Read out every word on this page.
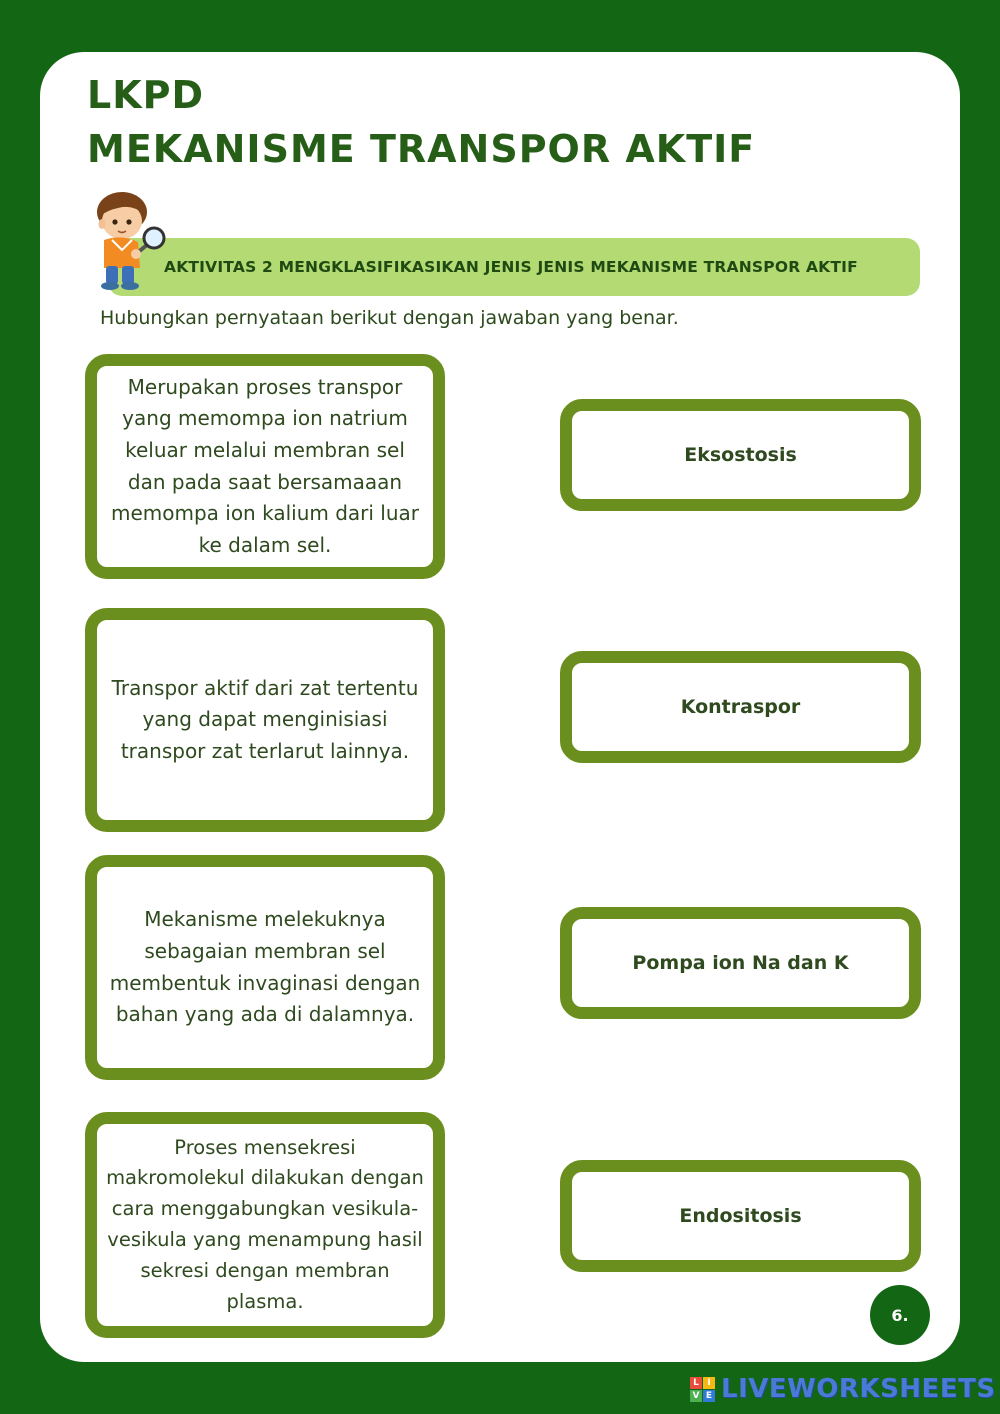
LKPD
MEKANISME TRANSPOR AKTIF
AKTIVITAS 2 MENGKLASIFIKASIKAN JENIS JENIS MEKANISME TRANSPOR AKTIF
Hubungkan pernyataan berikut dengan jawaban yang benar.
Merupakan proses transpor yang memompa ion natrium keluar melalui membran sel dan pada saat bersamaaan memompa ion kalium dari luar ke dalam sel.
Transpor aktif dari zat tertentu yang dapat menginisiasi transpor zat terlarut lainnya.
Mekanisme melekuknya sebagaian membran sel membentuk invaginasi dengan bahan yang ada di dalamnya.
Proses mensekresi makromolekul dilakukan dengan cara menggabungkan vesikula-vesikula yang menampung hasil sekresi dengan membran plasma.
Eksostosis
Kontraspor
Pompa ion Na dan K
Endositosis
6.
L I
V E LIVEWORKSHEETS
